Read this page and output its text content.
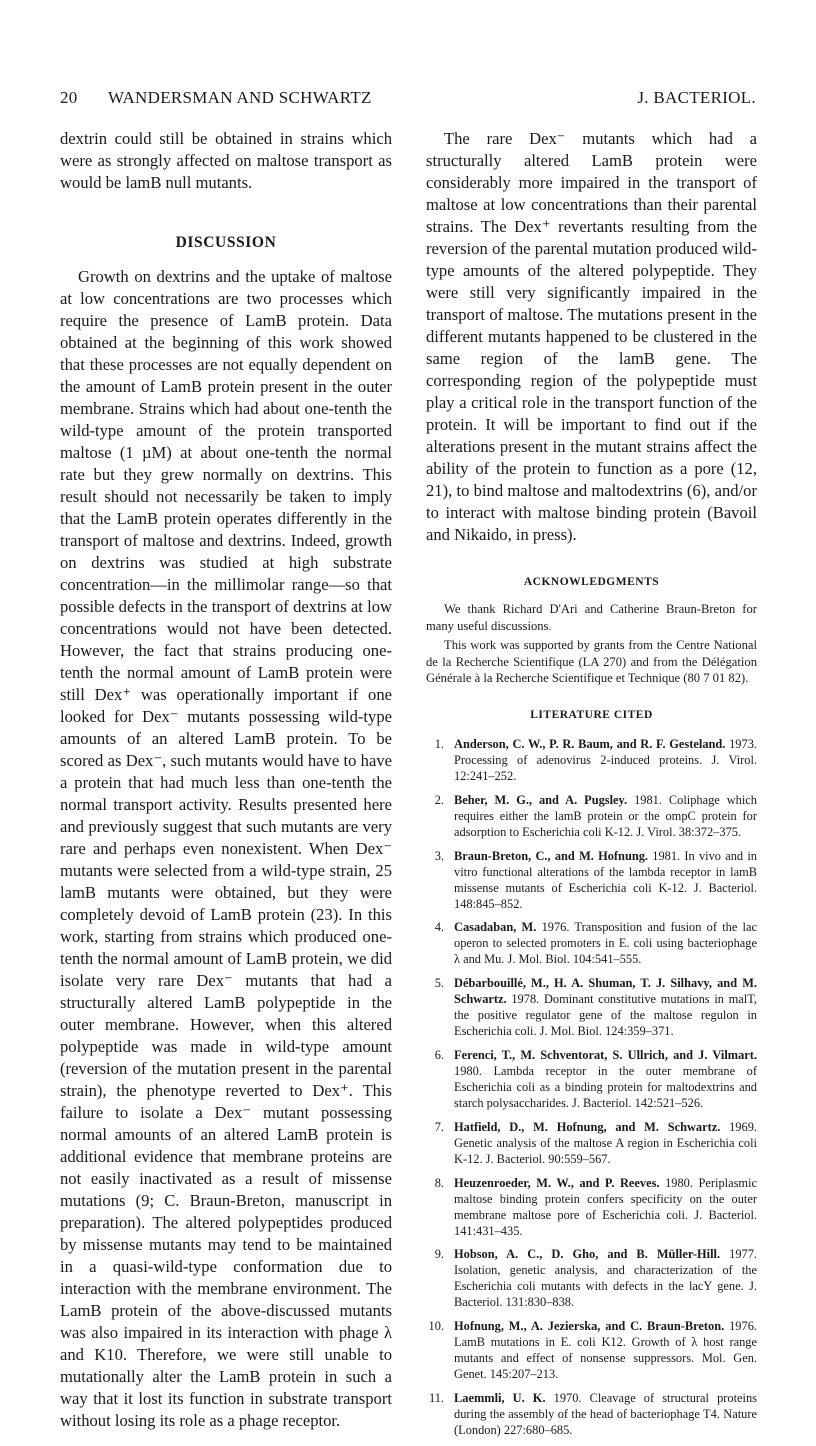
20 WANDERSMAN AND SCHWARTZ	J. BACTERIOL.

dextrin could still be obtained in strains which were as strongly affected on maltose transport as would be lamB null mutants.

DISCUSSION

Growth on dextrins and the uptake of maltose at low concentrations are two processes which require the presence of LamB protein. Data obtained at the beginning of this work showed that these processes are not equally dependent on the amount of LamB protein present in the outer membrane. Strains which had about one-tenth the wild-type amount of the protein transported maltose (1 µM) at about one-tenth the normal rate but they grew normally on dextrins. This result should not necessarily be taken to imply that the LamB protein operates differently in the transport of maltose and dextrins. Indeed, growth on dextrins was studied at high substrate concentration—in the millimolar range—so that possible defects in the transport of dextrins at low concentrations would not have been detected. However, the fact that strains producing one-tenth the normal amount of LamB protein were still Dex⁺ was operationally important if one looked for Dex⁻ mutants possessing wild-type amounts of an altered LamB protein. To be scored as Dex⁻, such mutants would have to have a protein that had much less than one-tenth the normal transport activity. Results presented here and previously suggest that such mutants are very rare and perhaps even nonexistent. When Dex⁻ mutants were selected from a wild-type strain, 25 lamB mutants were obtained, but they were completely devoid of LamB protein (23). In this work, starting from strains which produced one-tenth the normal amount of LamB protein, we did isolate very rare Dex⁻ mutants that had a structurally altered LamB polypeptide in the outer membrane. However, when this altered polypeptide was made in wild-type amount (reversion of the mutation present in the parental strain), the phenotype reverted to Dex⁺. This failure to isolate a Dex⁻ mutant possessing normal amounts of an altered LamB protein is additional evidence that membrane proteins are not easily inactivated as a result of missense mutations (9; C. Braun-Breton, manuscript in preparation). The altered polypeptides produced by missense mutants may tend to be maintained in a quasi-wild-type conformation due to interaction with the membrane environment. The LamB protein of the above-discussed mutants was also impaired in its interaction with phage λ and K10. Therefore, we were still unable to mutationally alter the LamB protein in such a way that it lost its function in substrate transport without losing its role as a phage receptor.

The rare Dex⁻ mutants which had a structurally altered LamB protein were considerably more impaired in the transport of maltose at low concentrations than their parental strains. The Dex⁺ revertants resulting from the reversion of the parental mutation produced wild-type amounts of the altered polypeptide. They were still very significantly impaired in the transport of maltose. The mutations present in the different mutants happened to be clustered in the same region of the lamB gene. The corresponding region of the polypeptide must play a critical role in the transport function of the protein. It will be important to find out if the alterations present in the mutant strains affect the ability of the protein to function as a pore (12, 21), to bind maltose and maltodextrins (6), and/or to interact with maltose binding protein (Bavoil and Nikaido, in press).

ACKNOWLEDGMENTS

We thank Richard D'Ari and Catherine Braun-Breton for many useful discussions.

This work was supported by grants from the Centre National de la Recherche Scientifique (LA 270) and from the Délégation Générale à la Recherche Scientifique et Technique (80 7 01 82).

LITERATURE CITED
1. Anderson, C. W., P. R. Baum, and R. F. Gesteland. 1973. Processing of adenovirus 2-induced proteins. J. Virol. 12:241–252.
2. Beher, M. G., and A. Pugsley. 1981. Coliphage which requires either the lamB protein or the ompC protein for adsorption to Escherichia coli K-12. J. Virol. 38:372–375.
3. Braun-Breton, C., and M. Hofnung. 1981. In vivo and in vitro functional alterations of the lambda receptor in lamB missense mutants of Escherichia coli K-12. J. Bacteriol. 148:845–852.
4. Casadaban, M. 1976. Transposition and fusion of the lac operon to selected promoters in E. coli using bacteriophage λ and Mu. J. Mol. Biol. 104:541–555.
5. Débarbouillé, M., H. A. Shuman, T. J. Silhavy, and M. Schwartz. 1978. Dominant constitutive mutations in malT, the positive regulator gene of the maltose regulon in Escherichia coli. J. Mol. Biol. 124:359–371.
6. Ferenci, T., M. Schventorat, S. Ullrich, and J. Vilmart. 1980. Lambda receptor in the outer membrane of Escherichia coli as a binding protein for maltodextrins and starch polysaccharides. J. Bacteriol. 142:521–526.
7. Hatfield, D., M. Hofnung, and M. Schwartz. 1969. Genetic analysis of the maltose A region in Escherichia coli K-12. J. Bacteriol. 90:559–567.
8. Heuzenroeder, M. W., and P. Reeves. 1980. Periplasmic maltose binding protein confers specificity on the outer membrane maltose pore of Escherichia coli. J. Bacteriol. 141:431–435.
9. Hobson, A. C., D. Gho, and B. Müller-Hill. 1977. Isolation, genetic analysis, and characterization of the Escherichia coli mutants with defects in the lacY gene. J. Bacteriol. 131:830–838.
10. Hofnung, M., A. Jezierska, and C. Braun-Breton. 1976. LamB mutations in E. coli K12. Growth of λ host range mutants and effect of nonsense suppressors. Mol. Gen. Genet. 145:207–213.
11. Laemmli, U. K. 1970. Cleavage of structural proteins during the assembly of the head of bacteriophage T4. Nature (London) 227:680–685.
